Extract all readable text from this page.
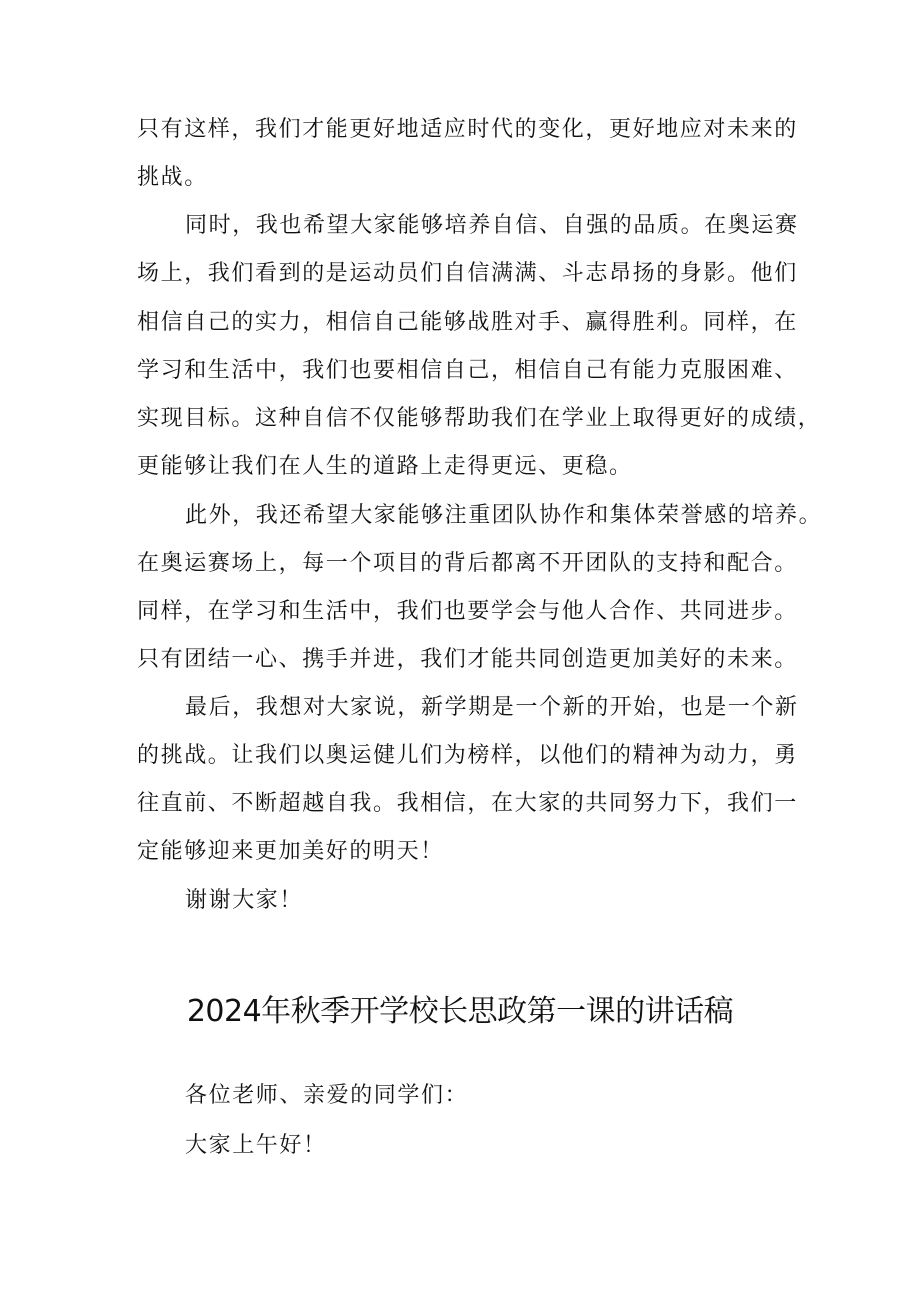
只有这样，我们才能更好地适应时代的变化，更好地应对未来的
挑战。
同时，我也希望大家能够培养自信、自强的品质。在奥运赛
场上，我们看到的是运动员们自信满满、斗志昂扬的身影。他们
相信自己的实力，相信自己能够战胜对手、赢得胜利。同样，在
学习和生活中，我们也要相信自己，相信自己有能力克服困难、
实现目标。这种自信不仅能够帮助我们在学业上取得更好的成绩，
更能够让我们在人生的道路上走得更远、更稳。
此外，我还希望大家能够注重团队协作和集体荣誉感的培养。
在奥运赛场上，每一个项目的背后都离不开团队的支持和配合。
同样，在学习和生活中，我们也要学会与他人合作、共同进步。
只有团结一心、携手并进，我们才能共同创造更加美好的未来。
最后，我想对大家说，新学期是一个新的开始，也是一个新
的挑战。让我们以奥运健儿们为榜样，以他们的精神为动力，勇
往直前、不断超越自我。我相信，在大家的共同努力下，我们一
定能够迎来更加美好的明天！
谢谢大家！
2024年秋季开学校长思政第一课的讲话稿
各位老师、亲爱的同学们：
大家上午好！
